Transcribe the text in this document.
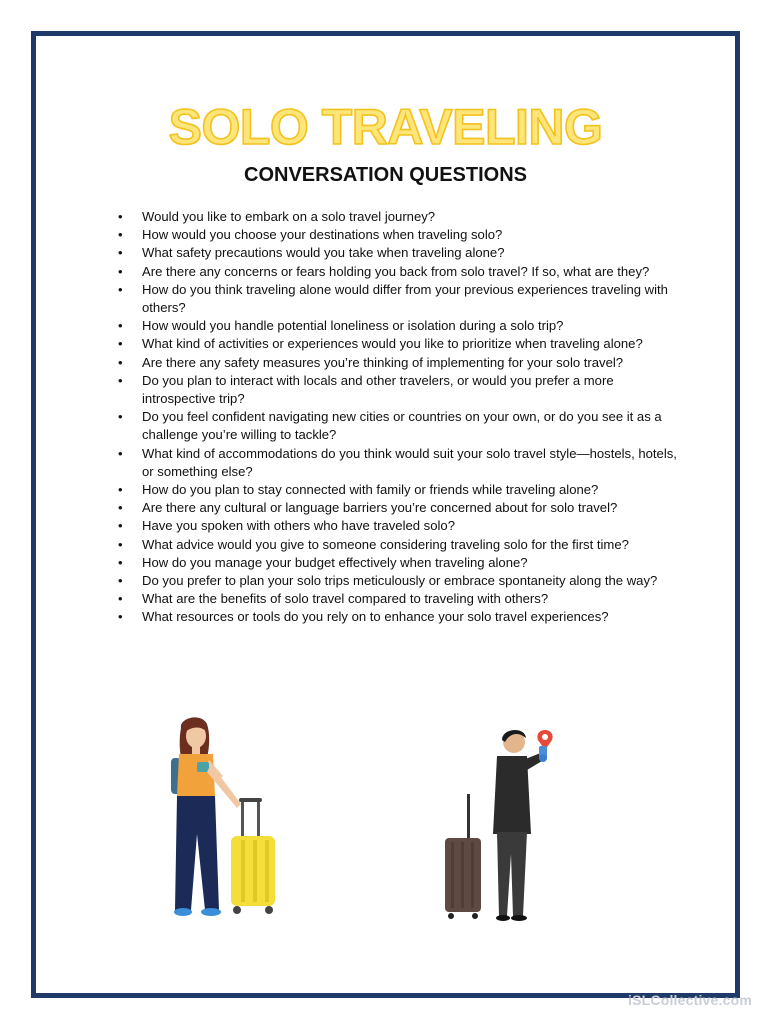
SOLO TRAVELING
CONVERSATION QUESTIONS
• Would you like to embark on a solo travel journey?
• How would you choose your destinations when traveling solo?
• What safety precautions would you take when traveling alone?
• Are there any concerns or fears holding you back from solo travel? If so, what are they?
• How do you think traveling alone would differ from your previous experiences traveling with others?
• How would you handle potential loneliness or isolation during a solo trip?
• What kind of activities or experiences would you like to prioritize when traveling alone?
• Are there any safety measures you’re thinking of implementing for your solo travel?
• Do you plan to interact with locals and other travelers, or would you prefer a more introspective trip?
• Do you feel confident navigating new cities or countries on your own, or do you see it as a challenge you’re willing to tackle?
• What kind of accommodations do you think would suit your solo travel style—hostels, hotels, or something else?
• How do you plan to stay connected with family or friends while traveling alone?
• Are there any cultural or language barriers you’re concerned about for solo travel?
• Have you spoken with others who have traveled solo?
• What advice would you give to someone considering traveling solo for the first time?
• How do you manage your budget effectively when traveling alone?
• Do you prefer to plan your solo trips meticulously or embrace spontaneity along the way?
• What are the benefits of solo travel compared to traveling with others?
• What resources or tools do you rely on to enhance your solo travel experiences?
iSLCollective.com
